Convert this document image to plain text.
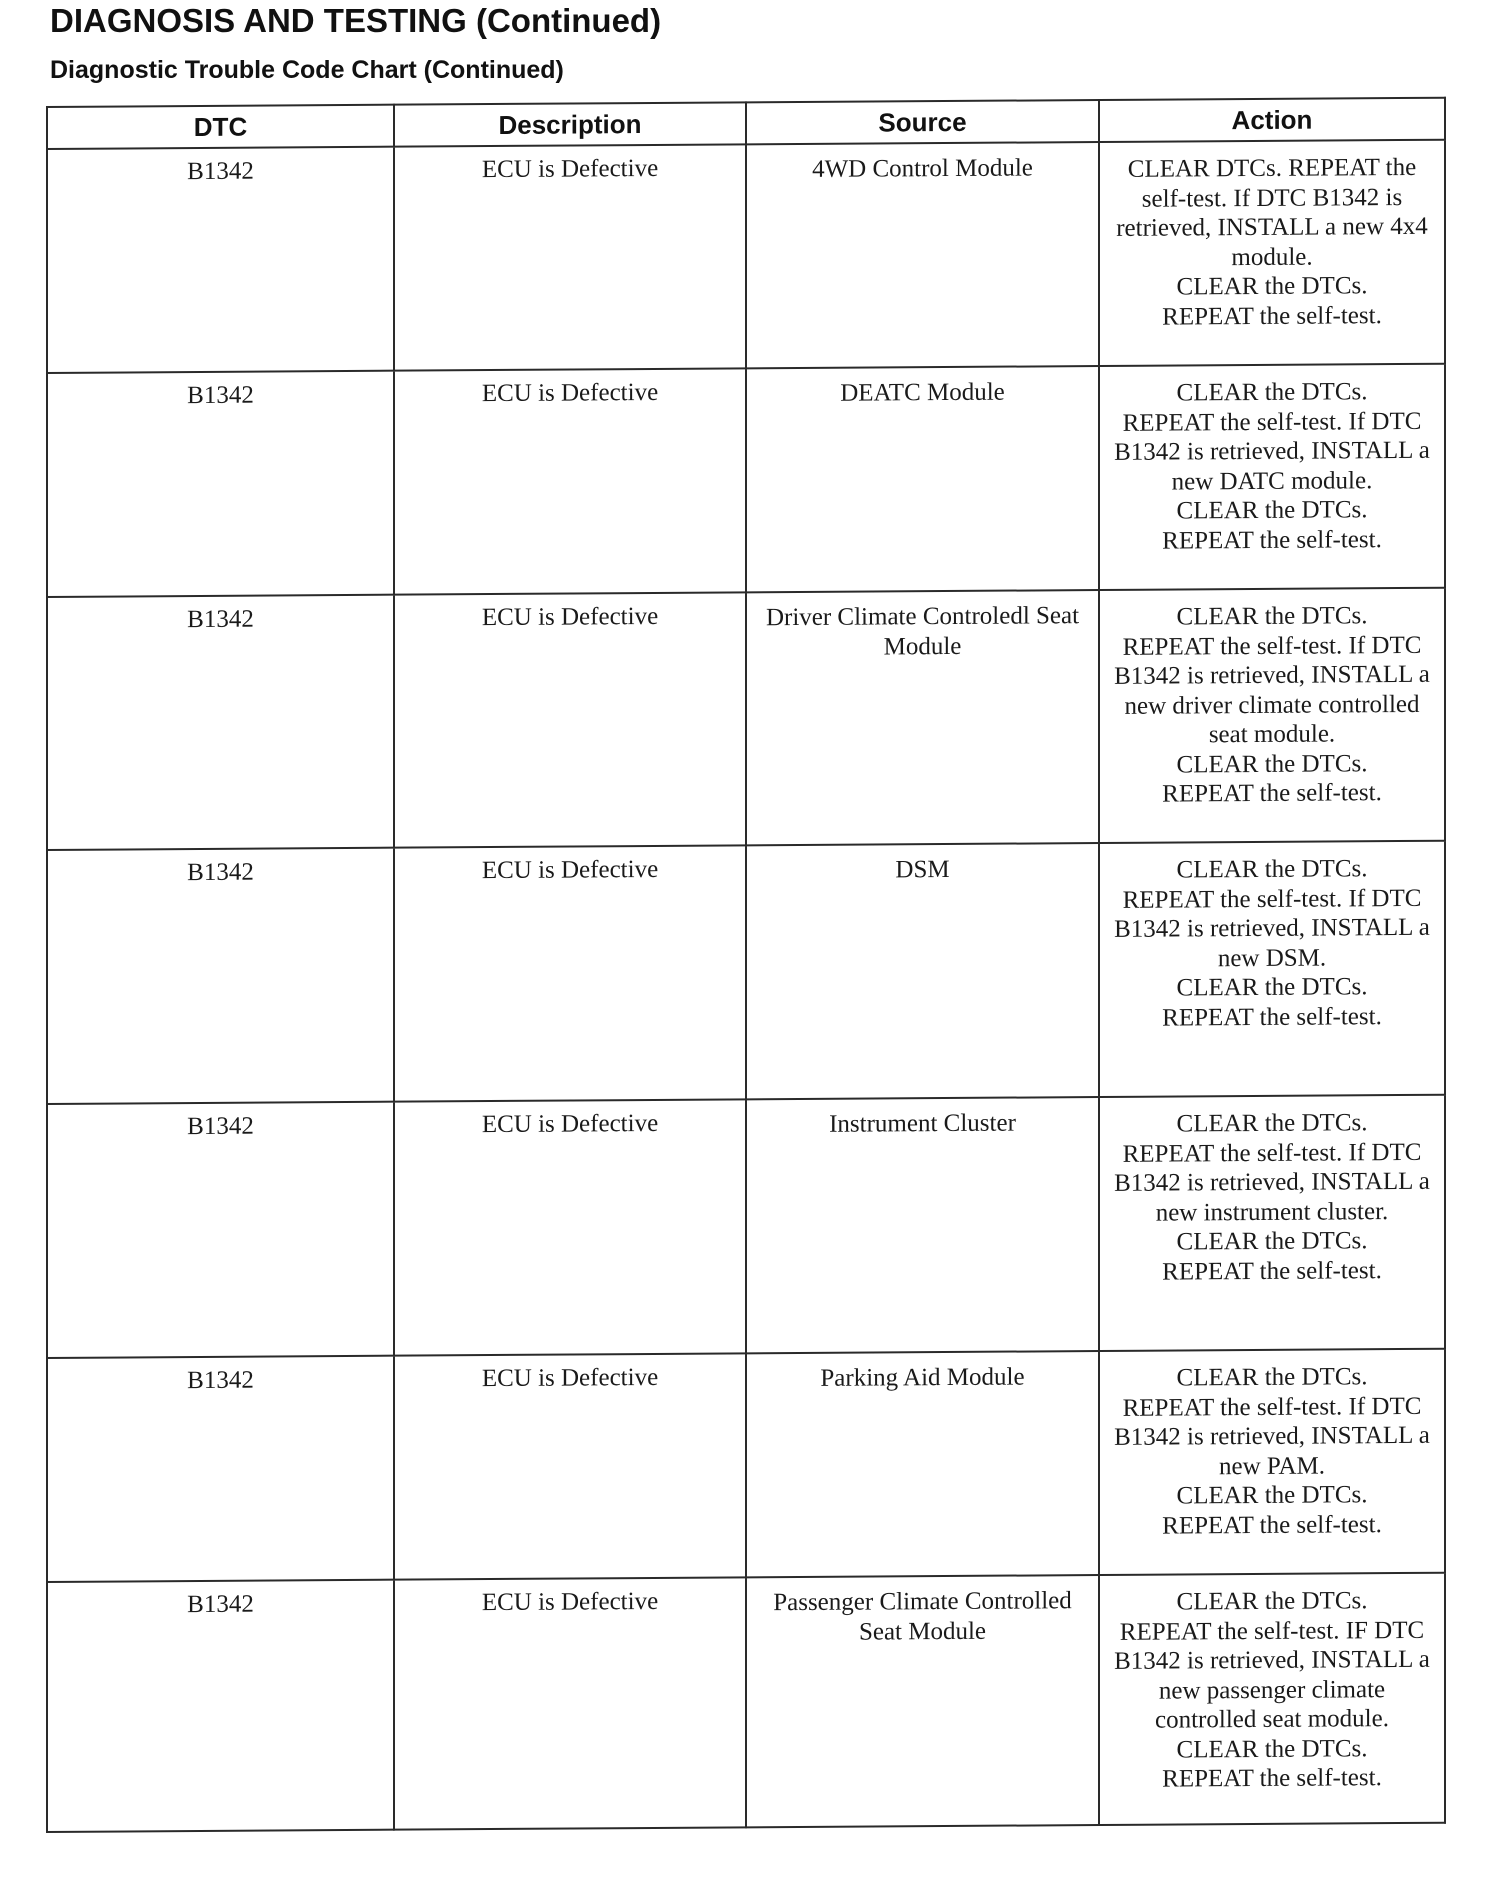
DIAGNOSIS AND TESTING (Continued)
Diagnostic Trouble Code Chart (Continued)
DTC	Description	Source	Action

B1342	ECU is Defective	4WD Control Module	CLEAR DTCs. REPEAT the self-test. If DTC B1342 is retrieved, INSTALL a new 4x4 module.
CLEAR the DTCs.
REPEAT the self-test.

B1342	ECU is Defective	DEATC Module	CLEAR the DTCs.
REPEAT the self-test. If DTC B1342 is retrieved, INSTALL a new DATC module.
CLEAR the DTCs.
REPEAT the self-test.

B1342	ECU is Defective	Driver Climate Controledl Seat Module	CLEAR the DTCs.
REPEAT the self-test. If DTC B1342 is retrieved, INSTALL a new driver climate controlled seat module.
CLEAR the DTCs.
REPEAT the self-test.

B1342	ECU is Defective	DSM	CLEAR the DTCs.
REPEAT the self-test. If DTC B1342 is retrieved, INSTALL a new DSM.
CLEAR the DTCs.
REPEAT the self-test.

B1342	ECU is Defective	Instrument Cluster	CLEAR the DTCs.
REPEAT the self-test. If DTC B1342 is retrieved, INSTALL a new instrument cluster.
CLEAR the DTCs.
REPEAT the self-test.

B1342	ECU is Defective	Parking Aid Module	CLEAR the DTCs.
REPEAT the self-test. If DTC B1342 is retrieved, INSTALL a new PAM.
CLEAR the DTCs.
REPEAT the self-test.

B1342	ECU is Defective	Passenger Climate Controlled Seat Module	CLEAR the DTCs.
REPEAT the self-test. IF DTC B1342 is retrieved, INSTALL a new passenger climate controlled seat module.
CLEAR the DTCs.
REPEAT the self-test.
